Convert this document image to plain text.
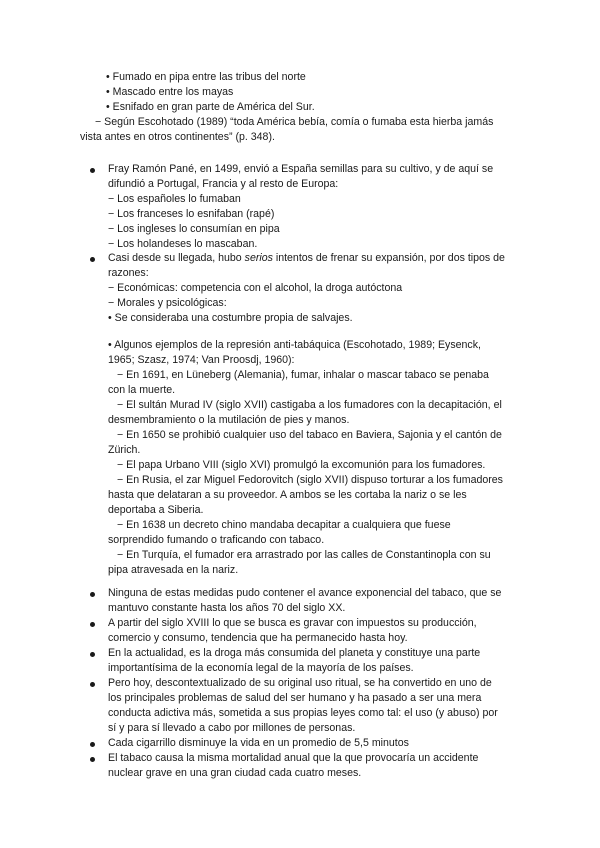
• Fumado en pipa entre las tribus del norte
• Mascado entre los mayas
• Esnifado en gran parte de América del Sur.
− Según Escohotado (1989) “toda América bebía, comía o fumaba esta hierba jamás
vista antes en otros continentes” (p. 348).
Fray Ramón Pané, en 1499, envió a España semillas para su cultivo, y de aquí se
difundió a Portugal, Francia y al resto de Europa:
− Los españoles lo fumaban
− Los franceses lo esnifaban (rapé)
− Los ingleses lo consumían en pipa
− Los holandeses lo mascaban.
Casi desde su llegada, hubo serios intentos de frenar su expansión, por dos tipos de
razones:
− Económicas: competencia con el alcohol, la droga autóctona
− Morales y psicológicas:
• Se consideraba una costumbre propia de salvajes.
• Algunos ejemplos de la represión anti-tabáquica (Escohotado, 1989; Eysenck,
1965; Szasz, 1974; Van Proosdj, 1960):
− En 1691, en Lüneberg (Alemania), fumar, inhalar o mascar tabaco se penaba
con la muerte.
− El sultán Murad IV (siglo XVII) castigaba a los fumadores con la decapitación, el
desmembramiento o la mutilación de pies y manos.
− En 1650 se prohibió cualquier uso del tabaco en Baviera, Sajonia y el cantón de
Zürich.
− El papa Urbano VIII (siglo XVI) promulgó la excomunión para los fumadores.
− En Rusia, el zar Miguel Fedorovitch (siglo XVII) dispuso torturar a los fumadores
hasta que delataran a su proveedor. A ambos se les cortaba la nariz o se les
deportaba a Siberia.
− En 1638 un decreto chino mandaba decapitar a cualquiera que fuese
sorprendido fumando o traficando con tabaco.
− En Turquía, el fumador era arrastrado por las calles de Constantinopla con su
pipa atravesada en la nariz.
Ninguna de estas medidas pudo contener el avance exponencial del tabaco, que se
mantuvo constante hasta los años 70 del siglo XX.
A partir del siglo XVIII lo que se busca es gravar con impuestos su producción,
comercio y consumo, tendencia que ha permanecido hasta hoy.
En la actualidad, es la droga más consumida del planeta y constituye una parte
importantísima de la economía legal de la mayoría de los países.
Pero hoy, descontextualizado de su original uso ritual, se ha convertido en uno de
los principales problemas de salud del ser humano y ha pasado a ser una mera
conducta adictiva más, sometida a sus propias leyes como tal: el uso (y abuso) por
sí y para sí llevado a cabo por millones de personas.
Cada cigarrillo disminuye la vida en un promedio de 5,5 minutos
El tabaco causa la misma mortalidad anual que la que provocaría un accidente
nuclear grave en una gran ciudad cada cuatro meses.
